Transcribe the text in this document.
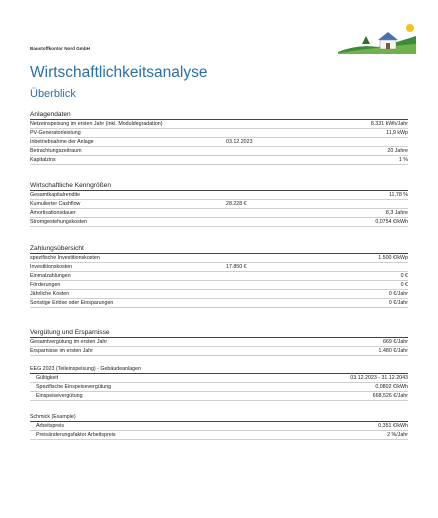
Baustoffkontor Nord GmbH
Wirtschaftlichkeitsanalyse
Überblick
Anlagendaten
Netzeinspeisung im ersten Jahr (inkl. Moduldegradation)	8.331 kWh/Jahr
PV-Generatorleistung	11,9 kWp
Inbetriebnahme der Anlage	03.12.2023
Betrachtungszeitraum	20 Jahre
Kapitalzins	1 %
Wirtschaftliche Kenngrößen
Gesamtkapitalrendite	11,78 %
Kumulierter Cashflow	28.228 €
Amortisationsdauer	8,3 Jahre
Stromgestehungskosten	0,0754 €/kWh
Zahlungsübersicht
spezifische Investitionskosten	1.500 €/kWp
Investitionskosten	17.850 €
Einmalzahlungen	0 €
Förderungen	0 €
Jährliche Kosten	0 €/Jahr
Sonstige Erlöse oder Einsparungen	0 €/Jahr
Vergütung und Ersparnisse
Gesamtvergütung im ersten Jahr	669 €/Jahr
Ersparnisse im ersten Jahr	1.480 €/Jahr
EEG 2023 (Teileinspeisung) - Gebäudeanlagen
Gültigkeit	03.12.2023 - 31.12.2043
Spezifische Einspeisevergütung	0,0802 €/kWh
Einspeisevergütung	668,526 €/Jahr
Schmick (Example)
Arbeitspreis	0,351 €/kWh
Preisänderungsfaktor Arbeitspreis	2 %/Jahr
